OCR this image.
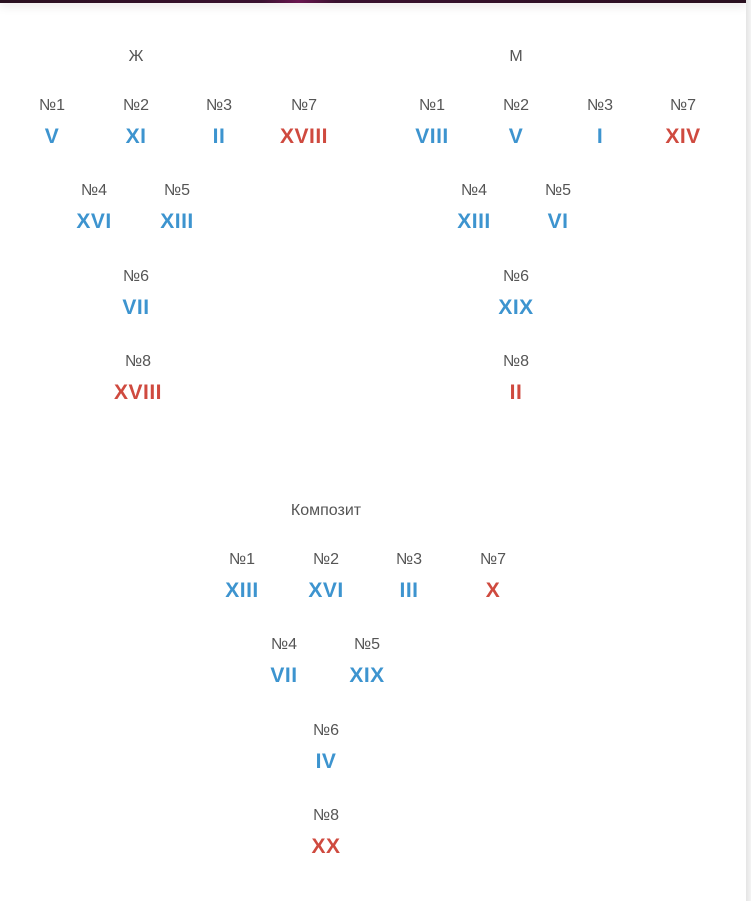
Ж
№1
V
№2
XI
№3
II
№7
XVIII
№4
XVI
№5
XIII
№6
VII
№8
XVIII
М
№1
VIII
№2
V
№3
I
№7
XIV
№4
XIII
№5
VI
№6
XIX
№8
II
Композит
№1
XIII
№2
XVI
№3
III
№7
X
№4
VII
№5
XIX
№6
IV
№8
XX
